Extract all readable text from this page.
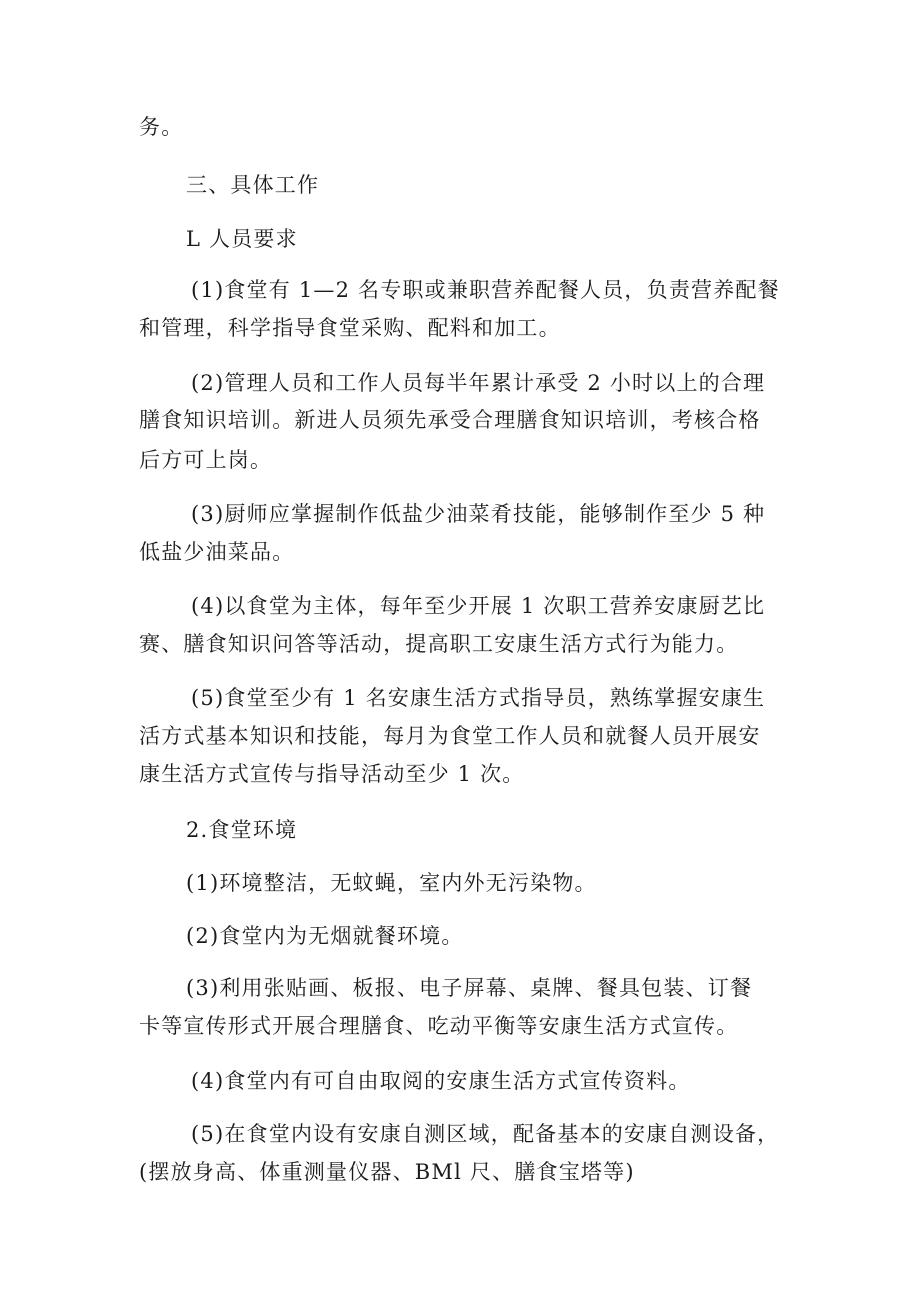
务。
三、具体工作
L 人员要求
(1)食堂有 1—2 名专职或兼职营养配餐人员，负责营养配餐
和管理，科学指导食堂采购、配料和加工。
(2)管理人员和工作人员每半年累计承受 2 小时以上的合理
膳食知识培训。新进人员须先承受合理膳食知识培训，考核合格
后方可上岗。
(3)厨师应掌握制作低盐少油菜肴技能，能够制作至少 5 种
低盐少油菜品。
(4)以食堂为主体，每年至少开展 1 次职工营养安康厨艺比
赛、膳食知识问答等活动，提高职工安康生活方式行为能力。
(5)食堂至少有 1 名安康生活方式指导员，熟练掌握安康生
活方式基本知识和技能，每月为食堂工作人员和就餐人员开展安
康生活方式宣传与指导活动至少 1 次。
2.食堂环境
(1)环境整洁，无蚊蝇，室内外无污染物。
(2)食堂内为无烟就餐环境。
(3)利用张贴画、板报、电子屏幕、桌牌、餐具包装、订餐
卡等宣传形式开展合理膳食、吃动平衡等安康生活方式宣传。
(4)食堂内有可自由取阅的安康生活方式宣传资料。
(5)在食堂内设有安康自测区域，配备基本的安康自测设备，
(摆放身高、体重测量仪器、BMl 尺、膳食宝塔等)
